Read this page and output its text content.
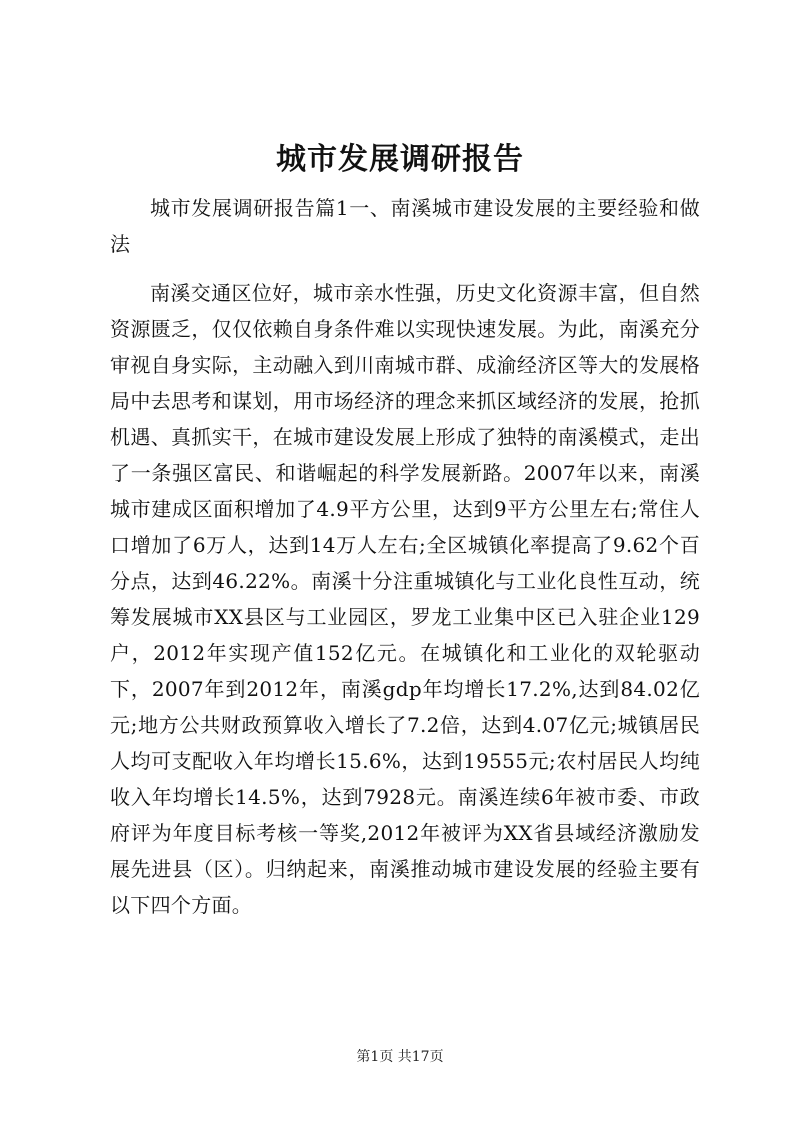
城市发展调研报告

城市发展调研报告篇1一、南溪城市建设发展的主要经验和做法

南溪交通区位好，城市亲水性强，历史文化资源丰富，但自然资源匮乏，仅仅依赖自身条件难以实现快速发展。为此，南溪充分审视自身实际，主动融入到川南城市群、成渝经济区等大的发展格局中去思考和谋划，用市场经济的理念来抓区域经济的发展，抢抓机遇、真抓实干，在城市建设发展上形成了独特的南溪模式，走出了一条强区富民、和谐崛起的科学发展新路。2007年以来，南溪城市建成区面积增加了4.9平方公里，达到9平方公里左右;常住人口增加了6万人，达到14万人左右;全区城镇化率提高了9.62个百分点，达到46.22%。南溪十分注重城镇化与工业化良性互动，统筹发展城市XX县区与工业园区，罗龙工业集中区已入驻企业129户，2012年实现产值152亿元。在城镇化和工业化的双轮驱动下，2007年到2012年，南溪gdp年均增长17.2%,达到84.02亿元;地方公共财政预算收入增长了7.2倍，达到4.07亿元;城镇居民人均可支配收入年均增长15.6%，达到19555元;农村居民人均纯收入年均增长14.5%，达到7928元。南溪连续6年被市委、市政府评为年度目标考核一等奖,2012年被评为XX省县域经济激励发展先进县（区）。归纳起来，南溪推动城市建设发展的经验主要有以下四个方面。

第1页 共17页
